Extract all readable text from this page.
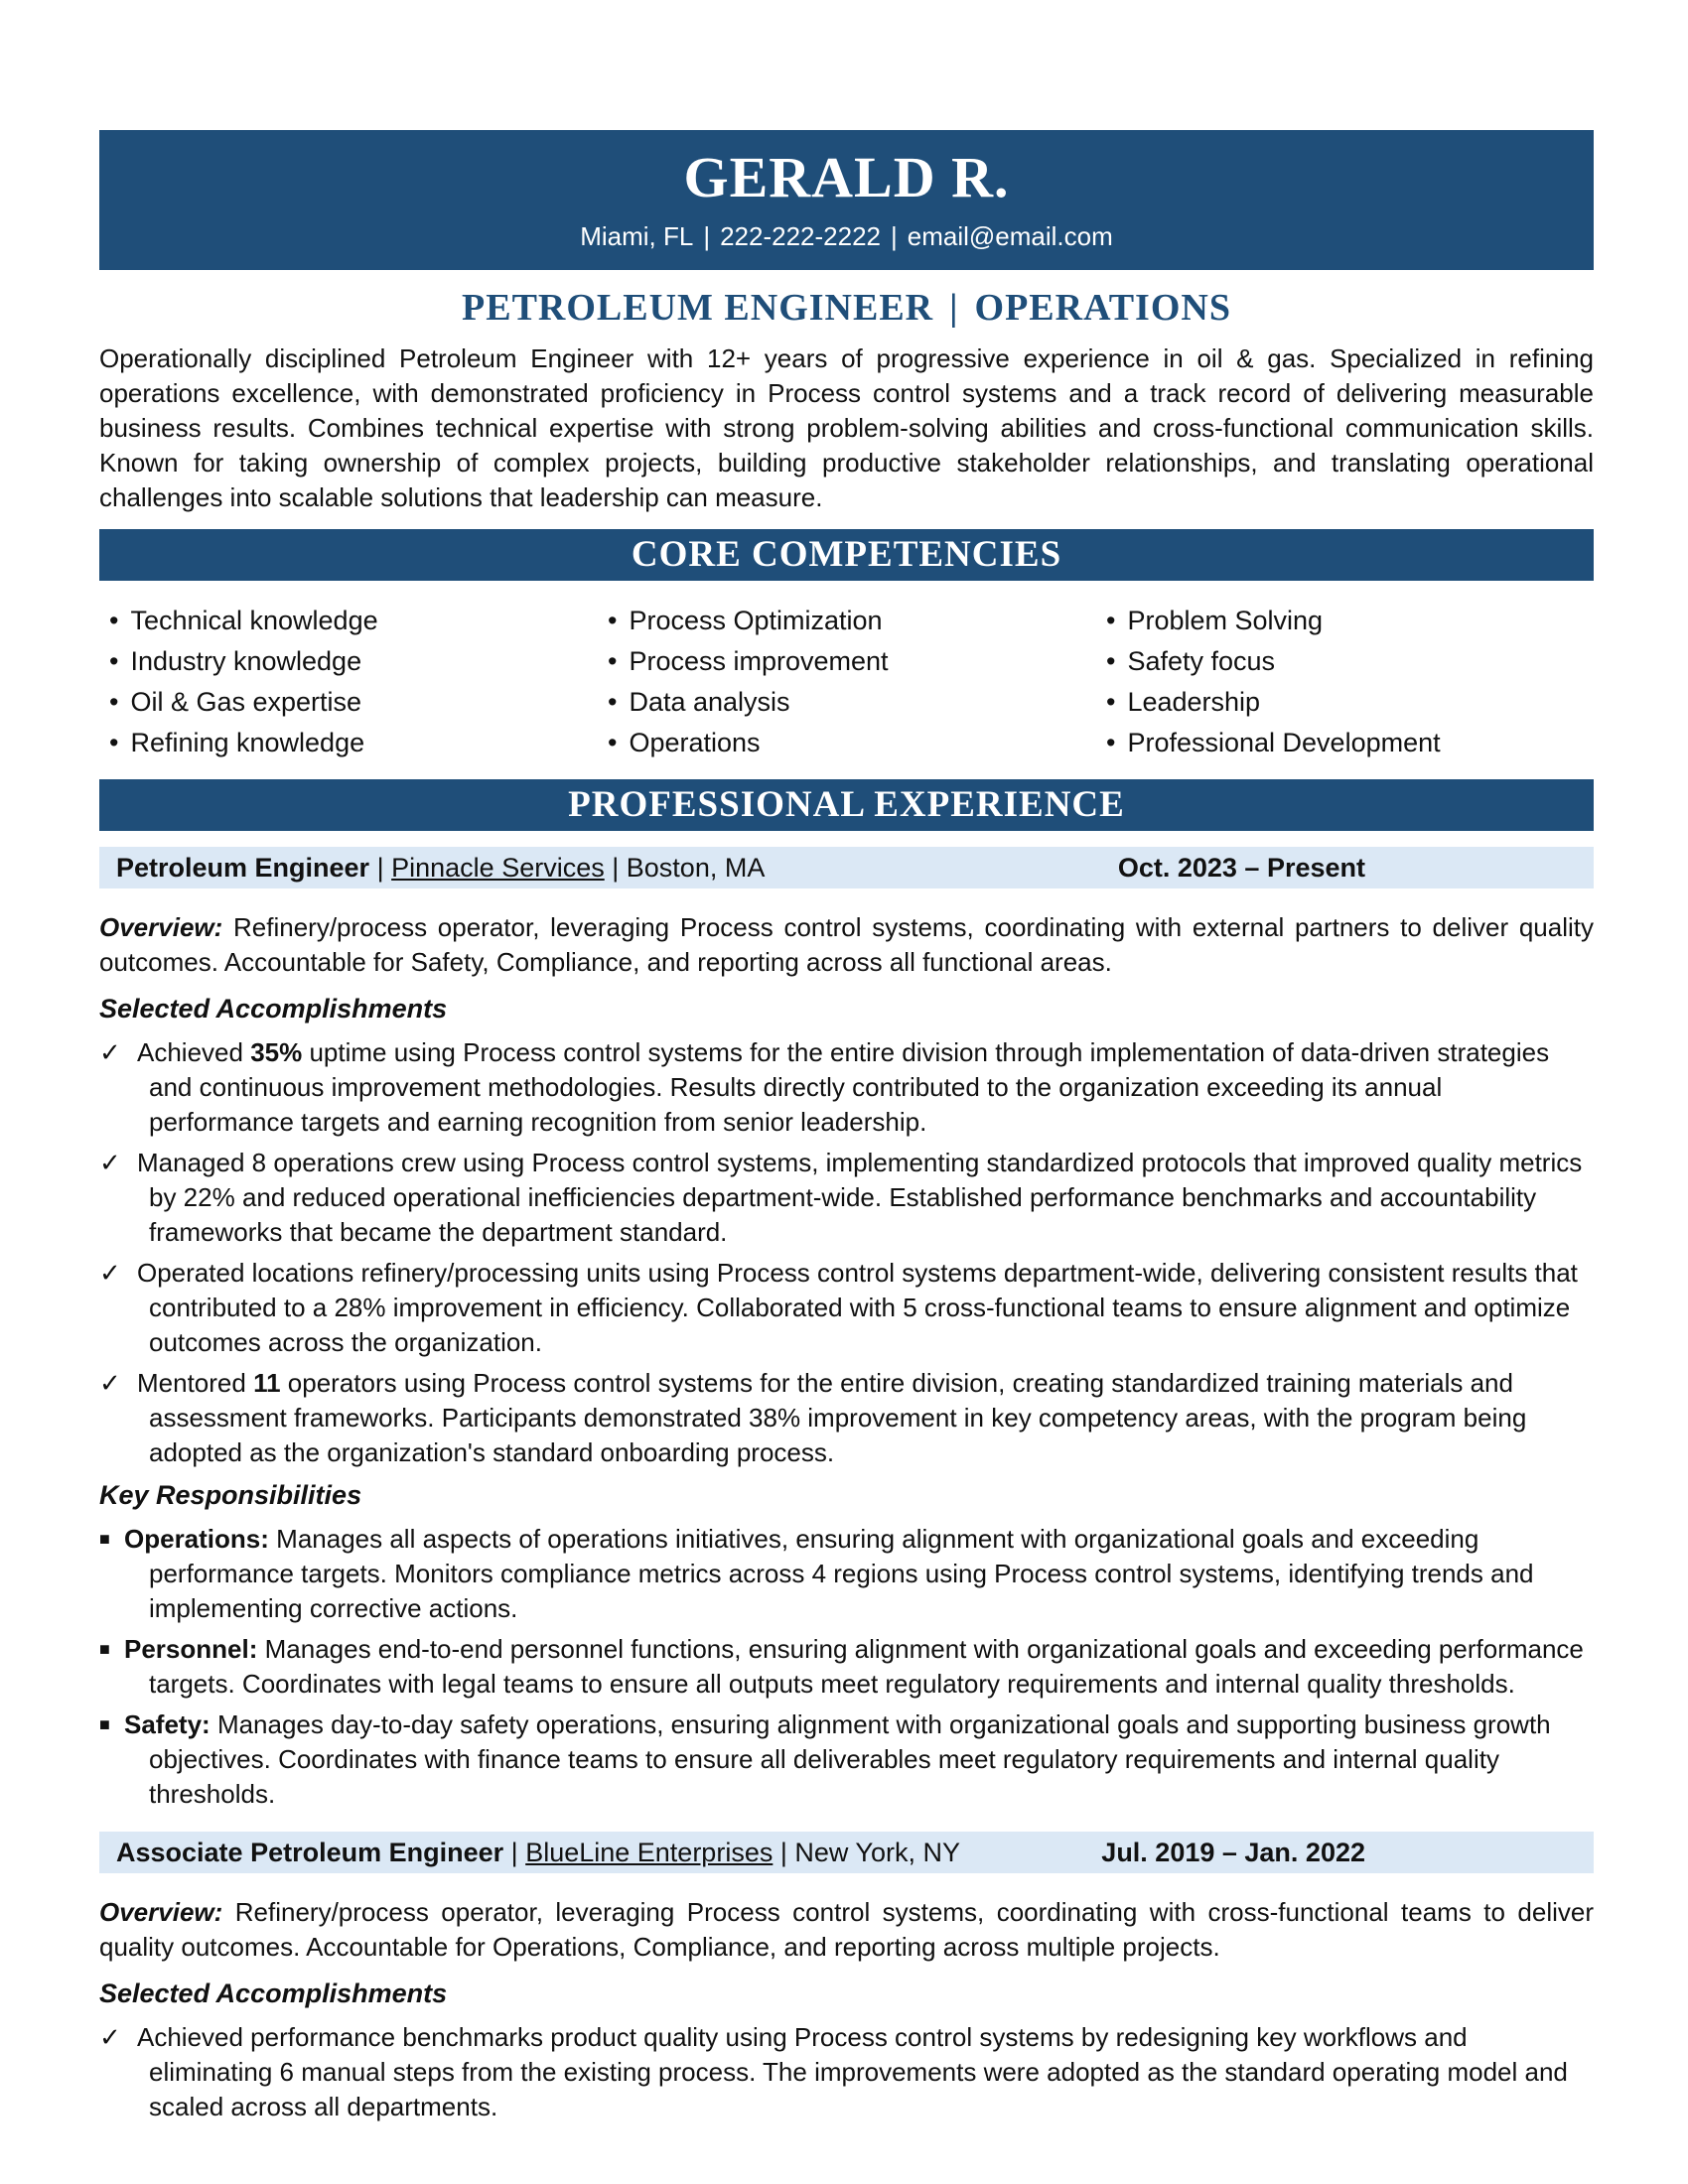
GERALD R.
Miami, FL | 222-222-2222 | email@email.com
PETROLEUM ENGINEER | OPERATIONS
Operationally disciplined Petroleum Engineer with 12+ years of progressive experience in oil & gas. Specialized in refining operations excellence, with demonstrated proficiency in Process control systems and a track record of delivering measurable business results. Combines technical expertise with strong problem-solving abilities and cross-functional communication skills. Known for taking ownership of complex projects, building productive stakeholder relationships, and translating operational challenges into scalable solutions that leadership can measure.
CORE COMPETENCIES
• Technical knowledge
• Industry knowledge
• Oil & Gas expertise
• Refining knowledge
• Process Optimization
• Process improvement
• Data analysis
• Operations
• Problem Solving
• Safety focus
• Leadership
• Professional Development
PROFESSIONAL EXPERIENCE
Petroleum Engineer | Pinnacle Services | Boston, MA	Oct. 2023 – Present
Overview: Refinery/process operator, leveraging Process control systems, coordinating with external partners to deliver quality outcomes. Accountable for Safety, Compliance, and reporting across all functional areas.
Selected Accomplishments
✓ Achieved 35% uptime using Process control systems for the entire division through implementation of data-driven strategies and continuous improvement methodologies. Results directly contributed to the organization exceeding its annual performance targets and earning recognition from senior leadership.
✓ Managed 8 operations crew using Process control systems, implementing standardized protocols that improved quality metrics by 22% and reduced operational inefficiencies department-wide. Established performance benchmarks and accountability frameworks that became the department standard.
✓ Operated locations refinery/processing units using Process control systems department-wide, delivering consistent results that contributed to a 28% improvement in efficiency. Collaborated with 5 cross-functional teams to ensure alignment and optimize outcomes across the organization.
✓ Mentored 11 operators using Process control systems for the entire division, creating standardized training materials and assessment frameworks. Participants demonstrated 38% improvement in key competency areas, with the program being adopted as the organization's standard onboarding process.
Key Responsibilities
■ Operations: Manages all aspects of operations initiatives, ensuring alignment with organizational goals and exceeding performance targets. Monitors compliance metrics across 4 regions using Process control systems, identifying trends and implementing corrective actions.
■ Personnel: Manages end-to-end personnel functions, ensuring alignment with organizational goals and exceeding performance targets. Coordinates with legal teams to ensure all outputs meet regulatory requirements and internal quality thresholds.
■ Safety: Manages day-to-day safety operations, ensuring alignment with organizational goals and supporting business growth objectives. Coordinates with finance teams to ensure all deliverables meet regulatory requirements and internal quality thresholds.
Associate Petroleum Engineer | BlueLine Enterprises | New York, NY	Jul. 2019 – Jan. 2022
Overview: Refinery/process operator, leveraging Process control systems, coordinating with cross-functional teams to deliver quality outcomes. Accountable for Operations, Compliance, and reporting across multiple projects.
Selected Accomplishments
✓ Achieved performance benchmarks product quality using Process control systems by redesigning key workflows and eliminating 6 manual steps from the existing process. The improvements were adopted as the standard operating model and scaled across all departments.
